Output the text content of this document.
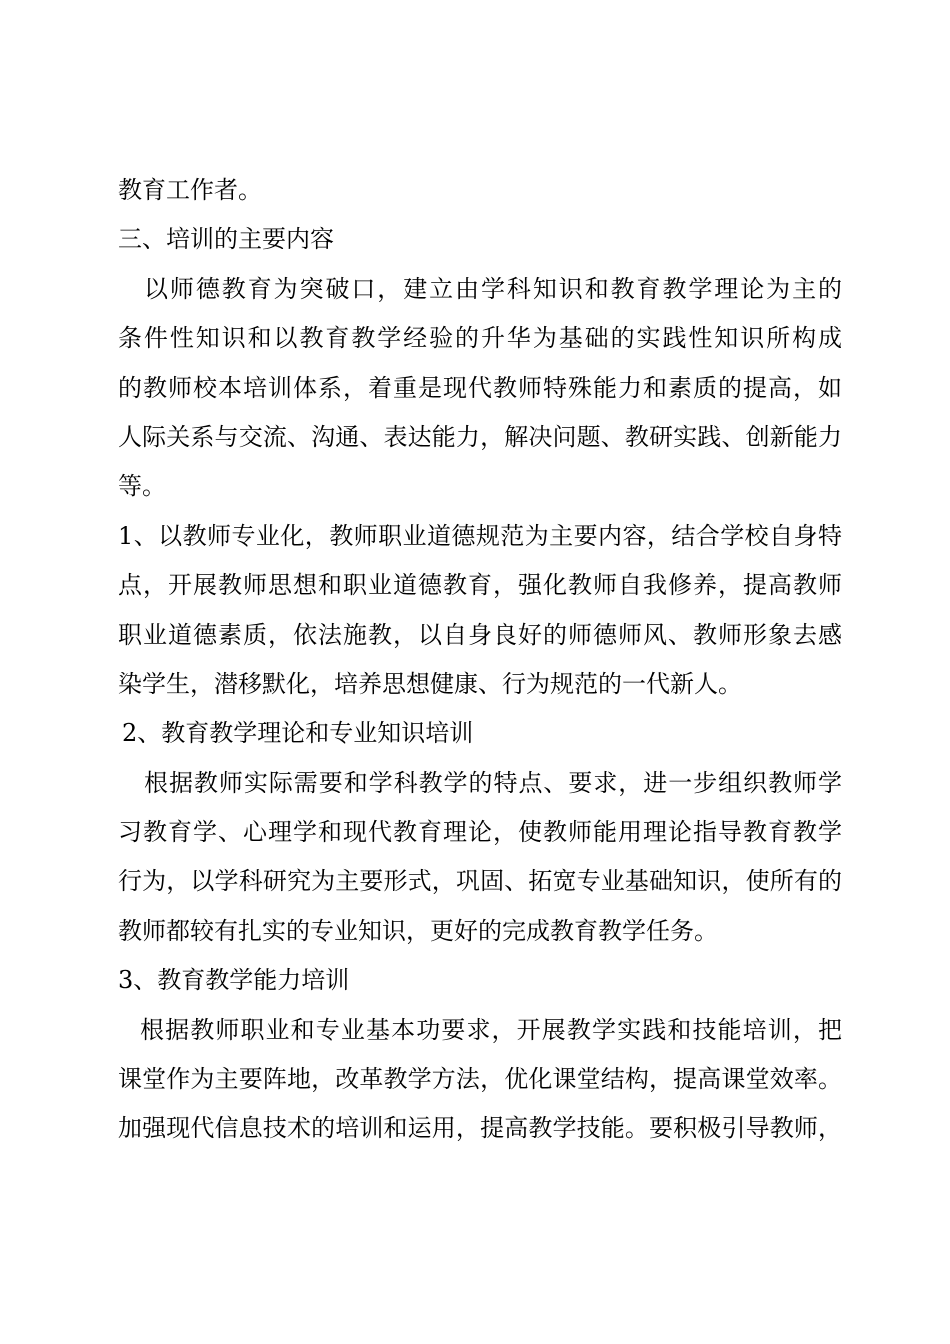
教育工作者。
三、培训的主要内容
以师德教育为突破口，建立由学科知识和教育教学理论为主的
条件性知识和以教育教学经验的升华为基础的实践性知识所构成
的教师校本培训体系，着重是现代教师特殊能力和素质的提高，如
人际关系与交流、沟通、表达能力，解决问题、教研实践、创新能力
等。
1、以教师专业化，教师职业道德规范为主要内容，结合学校自身特
点，开展教师思想和职业道德教育，强化教师自我修养，提高教师
职业道德素质，依法施教，以自身良好的师德师风、教师形象去感
染学生，潜移默化，培养思想健康、行为规范的一代新人。
2、教育教学理论和专业知识培训
根据教师实际需要和学科教学的特点、要求，进一步组织教师学
习教育学、心理学和现代教育理论，使教师能用理论指导教育教学
行为，以学科研究为主要形式，巩固、拓宽专业基础知识，使所有的
教师都较有扎实的专业知识，更好的完成教育教学任务。
3、教育教学能力培训
根据教师职业和专业基本功要求，开展教学实践和技能培训，把
课堂作为主要阵地，改革教学方法，优化课堂结构，提高课堂效率。
加强现代信息技术的培训和运用，提高教学技能。要积极引导教师，
